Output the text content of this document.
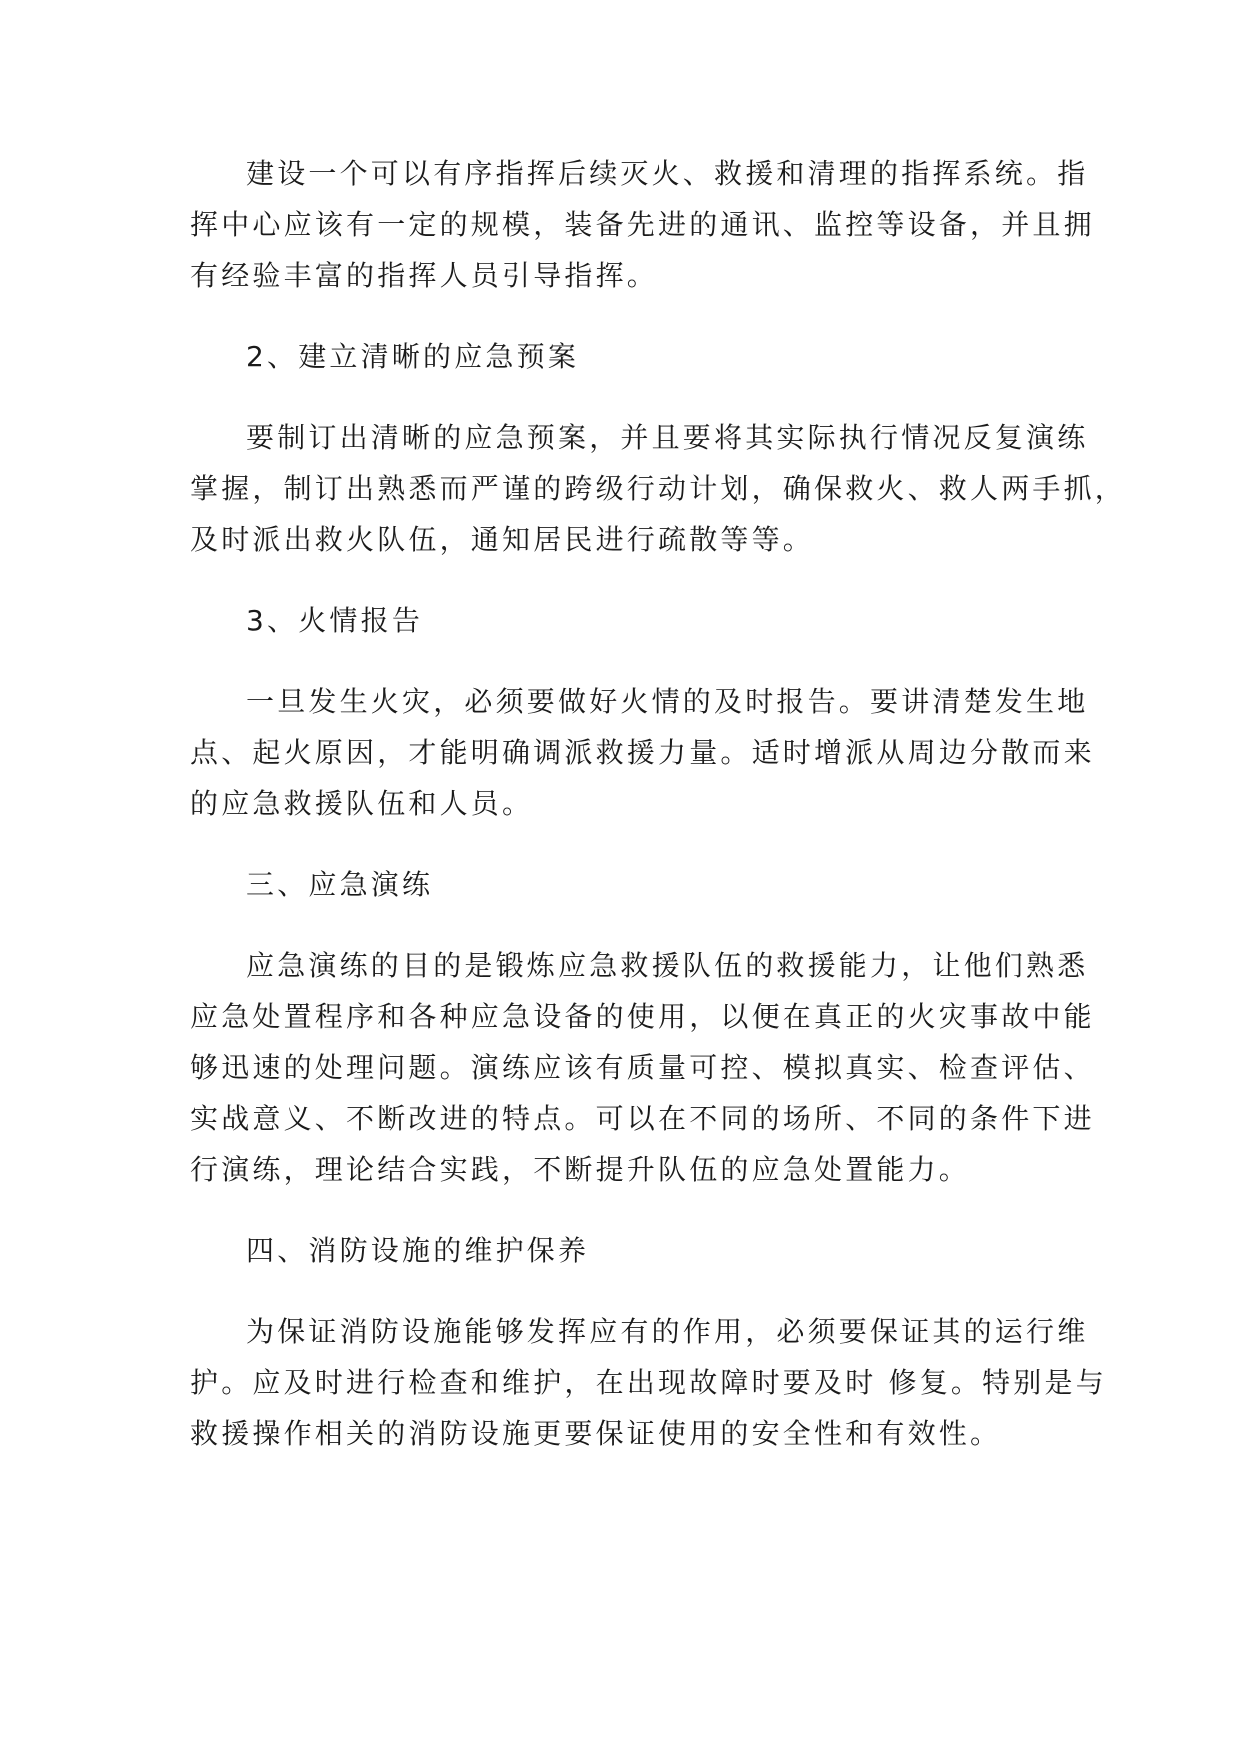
建设一个可以有序指挥后续灭火、救援和清理的指挥系统。指
挥中心应该有一定的规模，装备先进的通讯、监控等设备，并且拥
有经验丰富的指挥人员引导指挥。
2、建立清晰的应急预案
要制订出清晰的应急预案，并且要将其实际执行情况反复演练
掌握，制订出熟悉而严谨的跨级行动计划，确保救火、救人两手抓，
及时派出救火队伍，通知居民进行疏散等等。
3、火情报告
一旦发生火灾，必须要做好火情的及时报告。要讲清楚发生地
点、起火原因，才能明确调派救援力量。适时增派从周边分散而来
的应急救援队伍和人员。
三、应急演练
应急演练的目的是锻炼应急救援队伍的救援能力，让他们熟悉
应急处置程序和各种应急设备的使用，以便在真正的火灾事故中能
够迅速的处理问题。演练应该有质量可控、模拟真实、检查评估、
实战意义、不断改进的特点。可以在不同的场所、不同的条件下进
行演练，理论结合实践，不断提升队伍的应急处置能力。
四、消防设施的维护保养
为保证消防设施能够发挥应有的作用，必须要保证其的运行维
护。应及时进行检查和维护，在出现故障时要及时 修复。特别是与
救援操作相关的消防设施更要保证使用的安全性和有效性。
